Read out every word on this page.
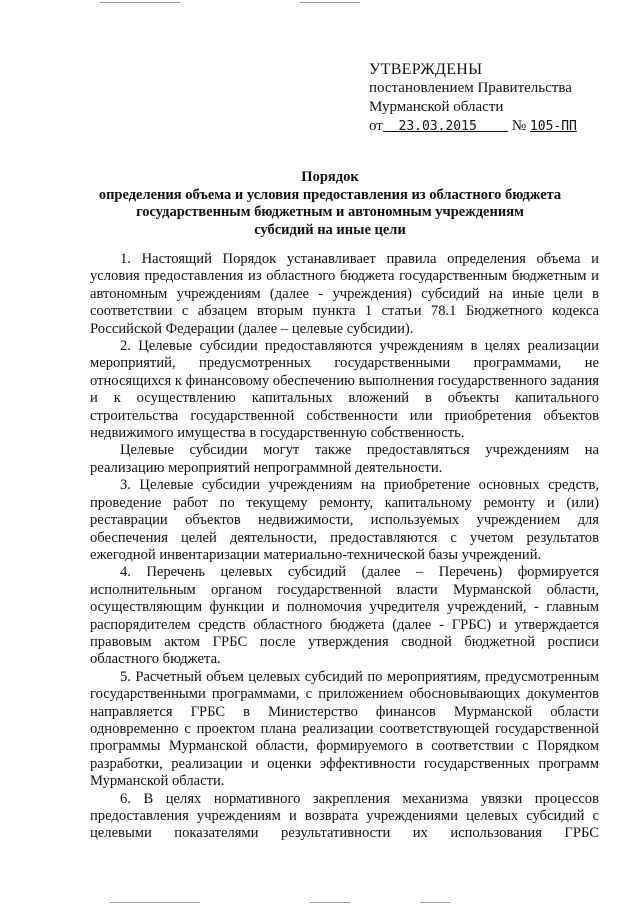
УТВЕРЖДЕНЫ
постановлением Правительства
Мурманской области
от 23.03.2015 № 105-ПП
Порядок
определения объема и условия предоставления из областного бюджета
государственным бюджетным и автономным учреждениям
субсидий на иные цели

1. Настоящий Порядок устанавливает правила определения объема и условия предоставления из областного бюджета государственным бюджетным и автономным учреждениям (далее - учреждения) субсидий на иные цели в соответствии с абзацем вторым пункта 1 статьи 78.1 Бюджетного кодекса Российской Федерации (далее – целевые субсидии).

2. Целевые субсидии предоставляются учреждениям в целях реализации мероприятий, предусмотренных государственными программами, не относящихся к финансовому обеспечению выполнения государственного задания и к осуществлению капитальных вложений в объекты капитального строительства государственной собственности или приобретения объектов недвижимого имущества в государственную собственность.

Целевые субсидии могут также предоставляться учреждениям на реализацию мероприятий непрограммной деятельности.

3. Целевые субсидии учреждениям на приобретение основных средств, проведение работ по текущему ремонту, капитальному ремонту и (или) реставрации объектов недвижимости, используемых учреждением для обеспечения целей деятельности, предоставляются с учетом результатов ежегодной инвентаризации материально-технической базы учреждений.

4. Перечень целевых субсидий (далее – Перечень) формируется исполнительным органом государственной власти Мурманской области, осуществляющим функции и полномочия учредителя учреждений, - главным распорядителем средств областного бюджета (далее - ГРБС) и утверждается правовым актом ГРБС после утверждения сводной бюджетной росписи областного бюджета.

5. Расчетный объем целевых субсидий по мероприятиям, предусмотренным государственными программами, с приложением обосновывающих документов направляется ГРБС в Министерство финансов Мурманской области одновременно с проектом плана реализации соответствующей государственной программы Мурманской области, формируемого в соответствии с Порядком разработки, реализации и оценки эффективности государственных программ Мурманской области.

6. В целях нормативного закрепления механизма увязки процессов предоставления учреждениям и возврата учреждениями целевых субсидий с целевыми показателями результативности их использования ГРБС
